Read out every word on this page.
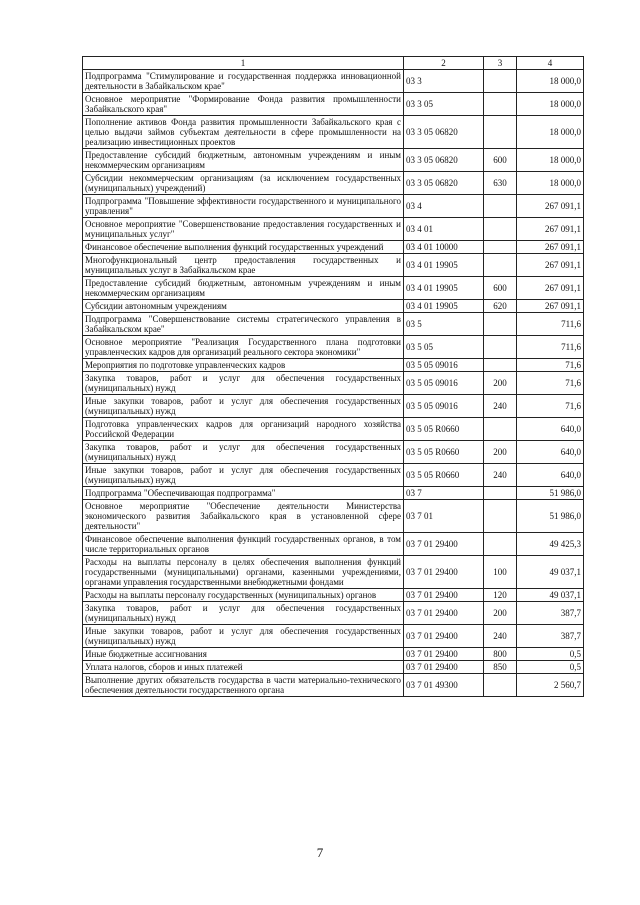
1	2	3	4
Подпрограмма "Стимулирование и государственная поддержка инновационной деятельности в Забайкальском крае"	03 3		18 000,0
Основное мероприятие "Формирование Фонда развития промышленности Забайкальского края"	03 3 05		18 000,0
Пополнение активов Фонда развития промышленности Забайкальского края с целью выдачи займов субъектам деятельности в сфере промышленности на реализацию инвестиционных проектов	03 3 05 06820		18 000,0
Предоставление субсидий бюджетным, автономным учреждениям и иным некоммерческим организациям	03 3 05 06820	600	18 000,0
Субсидии некоммерческим организациям (за исключением государственных (муниципальных) учреждений)	03 3 05 06820	630	18 000,0
Подпрограмма "Повышение эффективности государственного и муниципального управления"	03 4		267 091,1
Основное мероприятие "Совершенствование предоставления государственных и муниципальных услуг"	03 4 01		267 091,1
Финансовое обеспечение выполнения функций государственных учреждений	03 4 01 10000		267 091,1
Многофункциональный центр предоставления государственных и муниципальных услуг в Забайкальском крае	03 4 01 19905		267 091,1
Предоставление субсидий бюджетным, автономным учреждениям и иным некоммерческим организациям	03 4 01 19905	600	267 091,1
Субсидии автономным учреждениям	03 4 01 19905	620	267 091,1
Подпрограмма "Совершенствование системы стратегического управления в Забайкальском крае"	03 5		711,6
Основное мероприятие "Реализация Государственного плана подготовки управленческих кадров для организаций реального сектора экономики"	03 5 05		711,6
Мероприятия по подготовке управленческих кадров	03 5 05 09016		71,6
Закупка товаров, работ и услуг для обеспечения государственных (муниципальных) нужд	03 5 05 09016	200	71,6
Иные закупки товаров, работ и услуг для обеспечения государственных (муниципальных) нужд	03 5 05 09016	240	71,6
Подготовка управленческих кадров для организаций народного хозяйства Российской Федерации	03 5 05 R0660		640,0
Закупка товаров, работ и услуг для обеспечения государственных (муниципальных) нужд	03 5 05 R0660	200	640,0
Иные закупки товаров, работ и услуг для обеспечения государственных (муниципальных) нужд	03 5 05 R0660	240	640,0
Подпрограмма "Обеспечивающая подпрограмма"	03 7		51 986,0
Основное мероприятие "Обеспечение деятельности Министерства экономического развития Забайкальского края в установленной сфере деятельности"	03 7 01		51 986,0
Финансовое обеспечение выполнения функций государственных органов, в том числе территориальных органов	03 7 01 29400		49 425,3
Расходы на выплаты персоналу в целях обеспечения выполнения функций государственными (муниципальными) органами, казенными учреждениями, органами управления государственными внебюджетными фондами	03 7 01 29400	100	49 037,1
Расходы на выплаты персоналу государственных (муниципальных) органов	03 7 01 29400	120	49 037,1
Закупка товаров, работ и услуг для обеспечения государственных (муниципальных) нужд	03 7 01 29400	200	387,7
Иные закупки товаров, работ и услуг для обеспечения государственных (муниципальных) нужд	03 7 01 29400	240	387,7
Иные бюджетные ассигнования	03 7 01 29400	800	0,5
Уплата налогов, сборов и иных платежей	03 7 01 29400	850	0,5
Выполнение других обязательств государства в части материально-технического обеспечения деятельности государственного органа	03 7 01 49300		2 560,7
7
